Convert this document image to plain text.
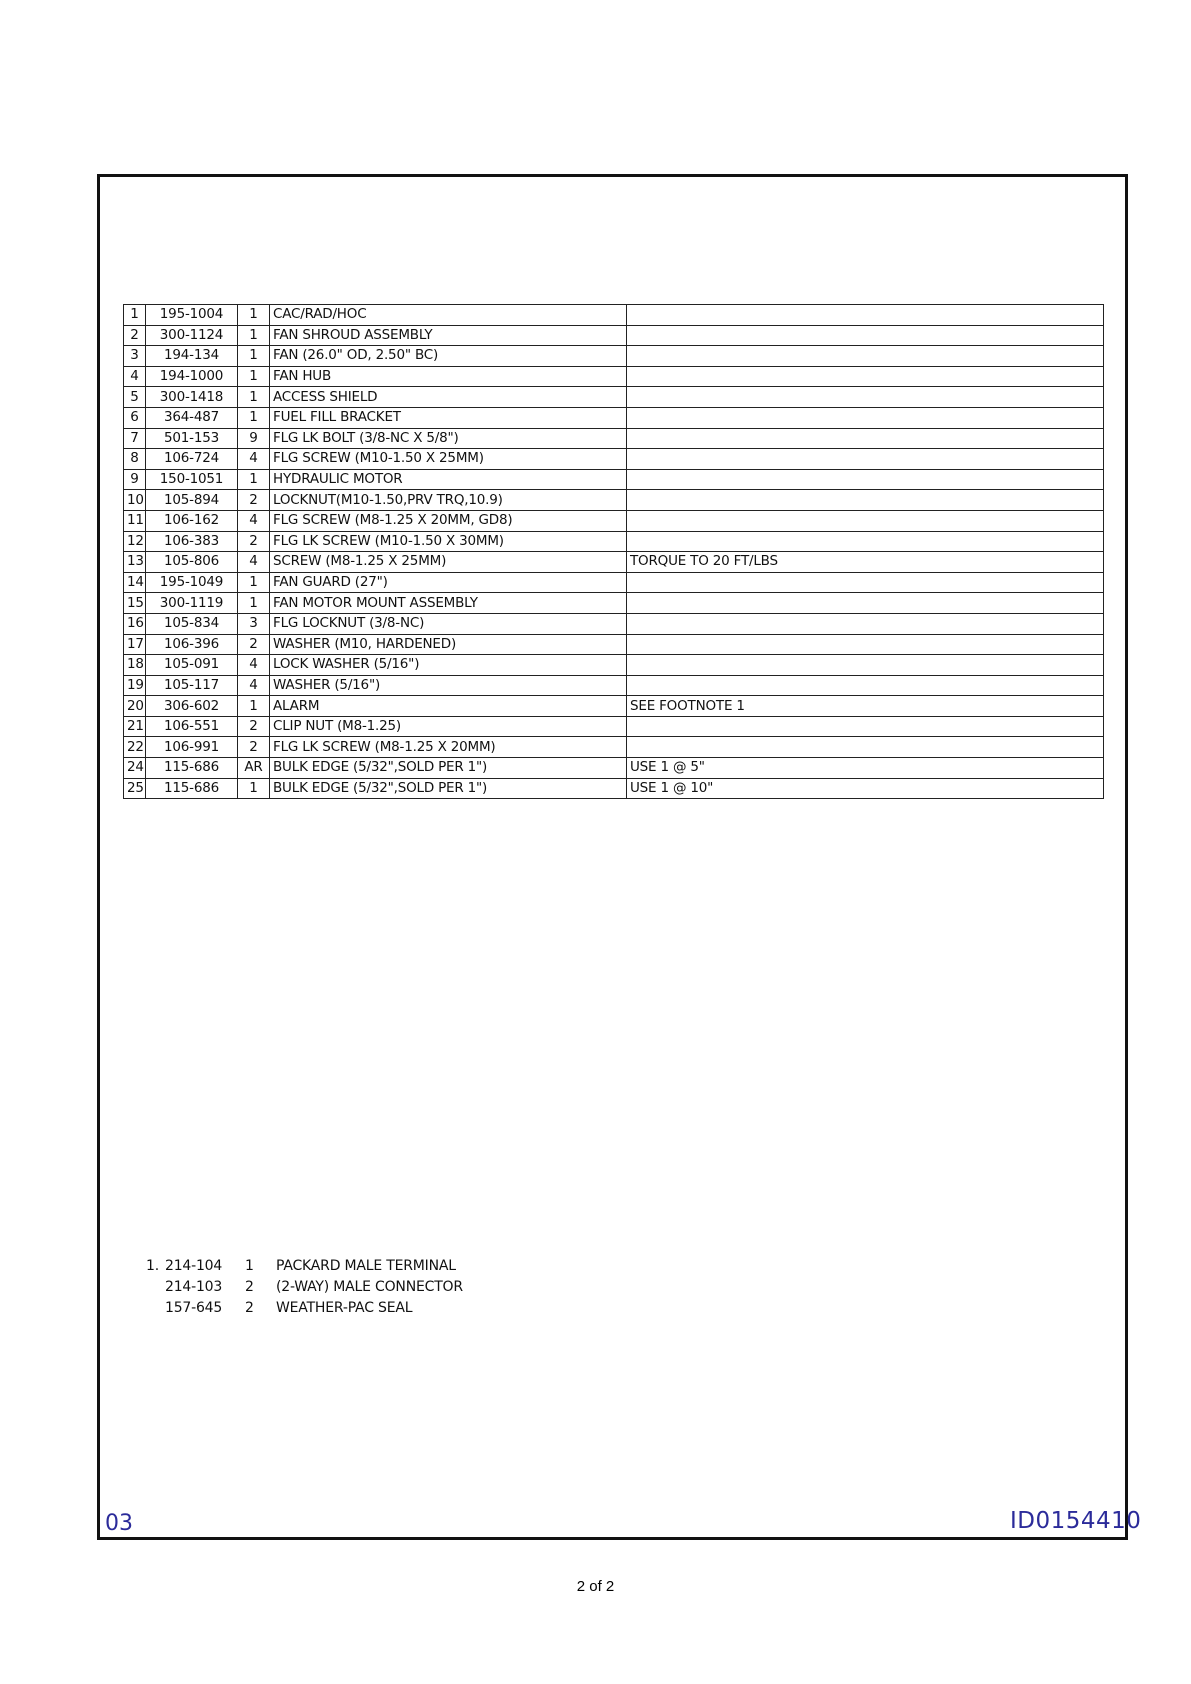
1	195-1004	1	CAC/RAD/HOC	
2	300-1124	1	FAN SHROUD ASSEMBLY	
3	194-134	1	FAN (26.0" OD, 2.50" BC)	
4	194-1000	1	FAN HUB	
5	300-1418	1	ACCESS SHIELD	
6	364-487	1	FUEL FILL BRACKET	
7	501-153	9	FLG LK BOLT (3/8-NC X 5/8")	
8	106-724	4	FLG SCREW (M10-1.50 X 25MM)	
9	150-1051	1	HYDRAULIC MOTOR	
10	105-894	2	LOCKNUT(M10-1.50,PRV TRQ,10.9)	
11	106-162	4	FLG SCREW (M8-1.25 X 20MM, GD8)	
12	106-383	2	FLG LK SCREW (M10-1.50 X 30MM)	
13	105-806	4	SCREW (M8-1.25 X 25MM)	TORQUE TO 20 FT/LBS
14	195-1049	1	FAN GUARD (27")	
15	300-1119	1	FAN MOTOR MOUNT ASSEMBLY	
16	105-834	3	FLG LOCKNUT (3/8-NC)	
17	106-396	2	WASHER (M10, HARDENED)	
18	105-091	4	LOCK WASHER (5/16")	
19	105-117	4	WASHER (5/16")	
20	306-602	1	ALARM	SEE FOOTNOTE 1
21	106-551	2	CLIP NUT (M8-1.25)	
22	106-991	2	FLG LK SCREW (M8-1.25 X 20MM)	
24	115-686	AR	BULK EDGE (5/32",SOLD PER 1")	USE 1 @ 5"
25	115-686	1	BULK EDGE (5/32",SOLD PER 1")	USE 1 @ 10"
1. 214-104 1 PACKARD MALE TERMINAL
214-103 2 (2-WAY) MALE CONNECTOR
157-645 2 WEATHER-PAC SEAL
03	ID0154410
2 of 2
